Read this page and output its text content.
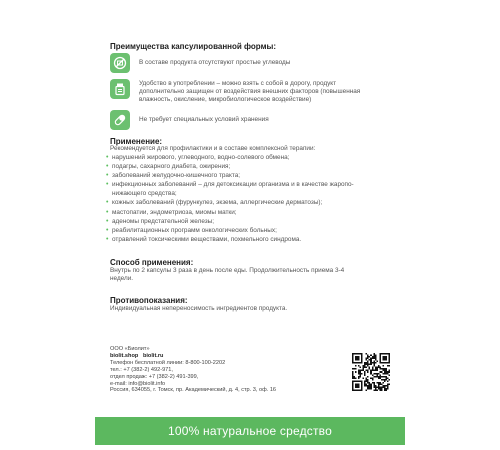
Преимущества капсулированной формы:
В составе продукта отсутствуют простые углеводы
Удобство в употреблении – можно взять с собой в дорогу, продукт
дополнительно защищен от воздействия внешних факторов (повышенная
влажность, окисление, микробиологическое воздействие)
Не требует специальных условий хранения
Применение:
Рекомендуется для профилактики и в составе комплексной терапии:
• нарушений жирового, углеводного, водно-солевого обмена;
• подагры, сахарного диабета, ожирения;
• заболеваний желудочно-кишечного тракта;
• инфекционных заболеваний – для детоксикации организма и в качестве жаропо-
нижающего средства;
• кожных заболеваний (фурункулез, экзема, аллергические дерматозы);
• мастопатии, эндометриоза, миомы матки;
• аденомы предстательной железы;
• реабилитационных программ онкологических больных;
• отравлений токсическими веществами, похмельного синдрома.
Способ применения:
Внутрь по 2 капсулы 3 раза в день после еды. Продолжительность приема 3-4
недели.
Противопоказания:
Индивидуальная непереносимость ингредиентов продукта.
ООО «Биолит»
biolit.shop biolit.ru
Телефон бесплатной линии: 8-800-100-2202
тел.: +7 (382-2) 492-971,
отдел продаж: +7 (382-2) 491-399,
e-mail: info@biolit.info
Россия, 634055, г. Томск, пр. Академический, д. 4, стр. 3, оф. 16
100% натуральное средство
